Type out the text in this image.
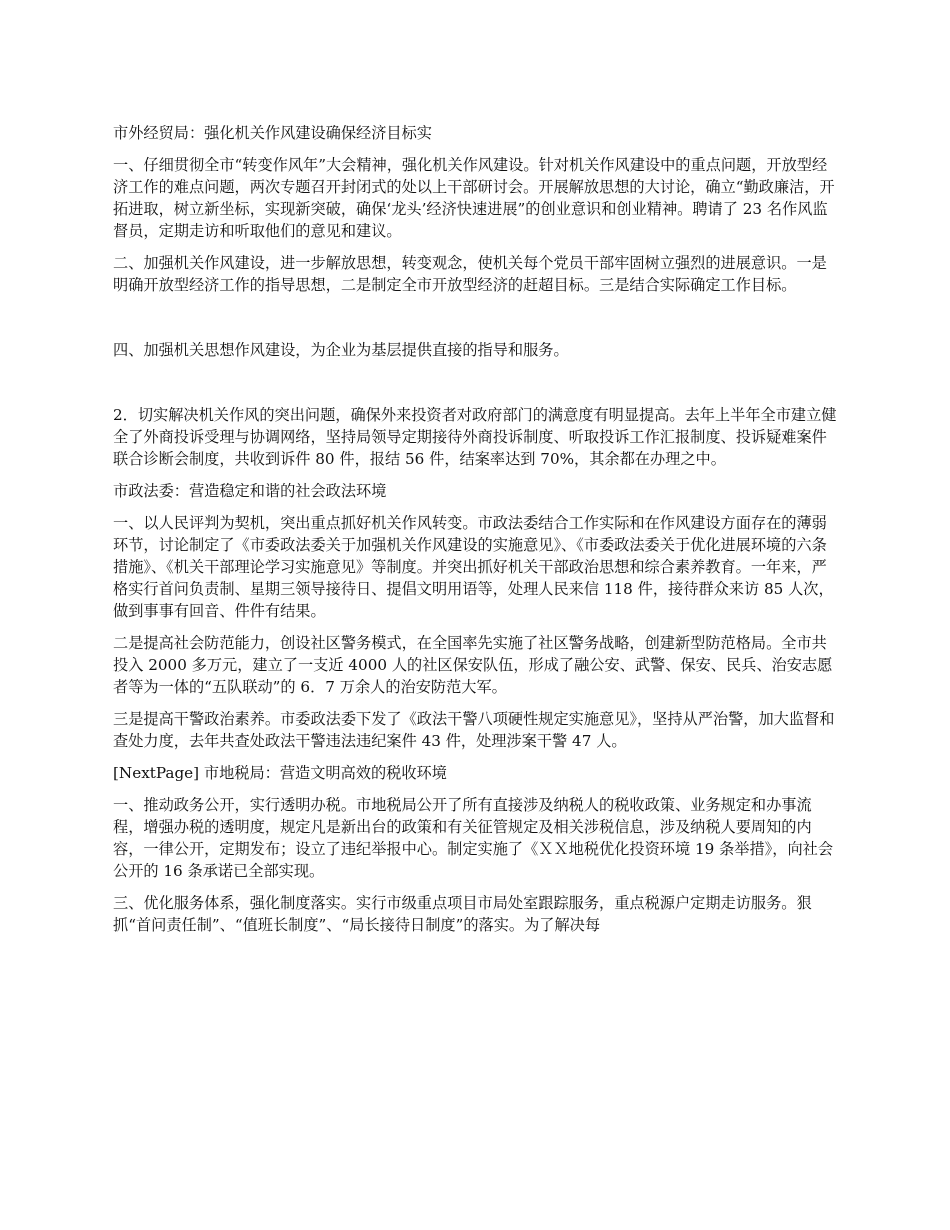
市外经贸局：强化机关作风建设确保经济目标实

一、仔细贯彻全市“转变作风年”大会精神，强化机关作风建设。针对机关作风建设中的重点问题，开放型经济工作的难点问题，两次专题召开封闭式的处以上干部研讨会。开展解放思想的大讨论，确立“勤政廉洁，开拓进取，树立新坐标，实现新突破，确保‘龙头’经济快速进展”的创业意识和创业精神。聘请了 23 名作风监督员，定期走访和听取他们的意见和建议。

二、加强机关作风建设，进一步解放思想，转变观念，使机关每个党员干部牢固树立强烈的进展意识。一是明确开放型经济工作的指导思想，二是制定全市开放型经济的赶超目标。三是结合实际确定工作目标。

四、加强机关思想作风建设，为企业为基层提供直接的指导和服务。

2．切实解决机关作风的突出问题，确保外来投资者对政府部门的满意度有明显提高。去年上半年全市建立健全了外商投诉受理与协调网络，坚持局领导定期接待外商投诉制度、听取投诉工作汇报制度、投诉疑难案件联合诊断会制度，共收到诉件 80 件，报结 56 件，结案率达到 70%，其余都在办理之中。

市政法委：营造稳定和谐的社会政法环境

一、以人民评判为契机，突出重点抓好机关作风转变。市政法委结合工作实际和在作风建设方面存在的薄弱环节，讨论制定了《市委政法委关于加强机关作风建设的实施意见》、《市委政法委关于优化进展环境的六条措施》、《机关干部理论学习实施意见》等制度。并突出抓好机关干部政治思想和综合素养教育。一年来，严格实行首问负责制、星期三领导接待日、提倡文明用语等，处理人民来信 118 件，接待群众来访 85 人次，做到事事有回音、件件有结果。

二是提高社会防范能力，创设社区警务模式，在全国率先实施了社区警务战略，创建新型防范格局。全市共投入 2000 多万元，建立了一支近 4000 人的社区保安队伍，形成了融公安、武警、保安、民兵、治安志愿者等为一体的“五队联动”的 6．7 万余人的治安防范大军。

三是提高干警政治素养。市委政法委下发了《政法干警八项硬性规定实施意见》，坚持从严治警，加大监督和查处力度，去年共查处政法干警违法违纪案件 43 件，处理涉案干警 47 人。

[NextPage] 市地税局：营造文明高效的税收环境

一、推动政务公开，实行透明办税。市地税局公开了所有直接涉及纳税人的税收政策、业务规定和办事流程，增强办税的透明度，规定凡是新出台的政策和有关征管规定及相关涉税信息，涉及纳税人要周知的内容，一律公开，定期发布；设立了违纪举报中心。制定实施了《ＸＸ地税优化投资环境 19 条举措》，向社会公开的 16 条承诺已全部实现。

三、优化服务体系，强化制度落实。实行市级重点项目市局处室跟踪服务，重点税源户定期走访服务。狠抓“首问责任制”、“值班长制度”、“局长接待日制度”的落实。为了解决每
